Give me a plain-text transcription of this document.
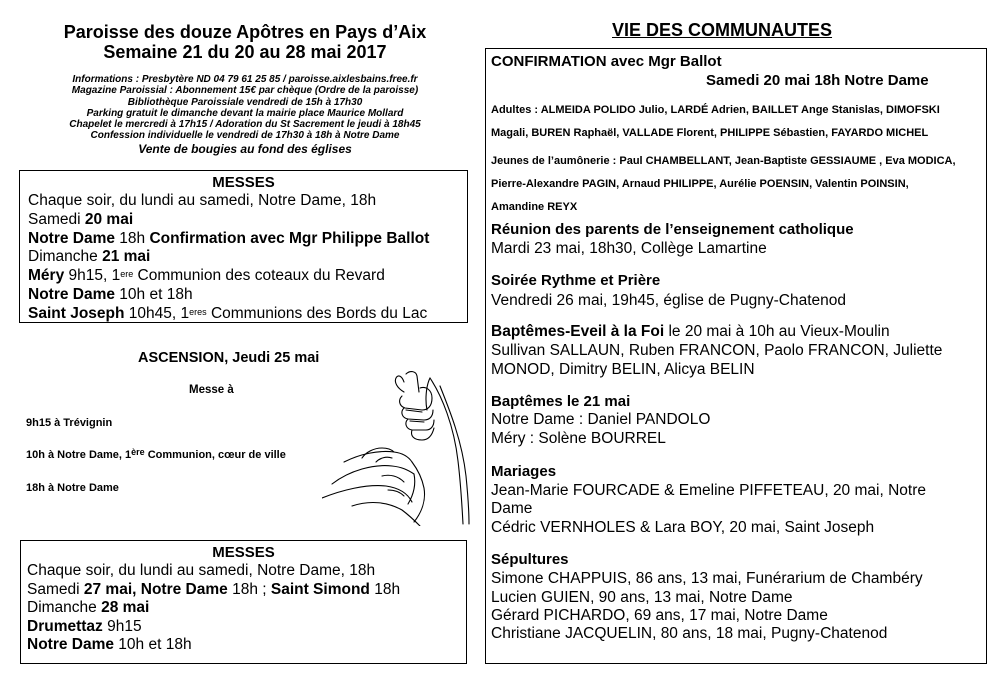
Paroisse des douze Apôtres en Pays d’Aix
Semaine 21 du 20 au 28 mai 2017
Informations : Presbytère ND 04 79 61 25 85 / paroisse.aixlesbains.free.fr
Magazine Paroissial : Abonnement 15€ par chèque (Ordre de la paroisse)
Bibliothèque Paroissiale vendredi de 15h à 17h30
Parking gratuit le dimanche devant la mairie place Maurice Mollard
Chapelet le mercredi à 17h15 / Adoration du St Sacrement le jeudi à 18h45
Confession individuelle le vendredi de 17h30 à 18h à Notre Dame
Vente de bougies au fond des églises
MESSES
Chaque soir, du lundi au samedi, Notre Dame, 18h
Samedi 20 mai
Notre Dame 18h Confirmation avec Mgr Philippe Ballot
Dimanche 21 mai
Méry 9h15, 1ere Communion des coteaux du Revard
Notre Dame 10h et 18h
Saint Joseph 10h45, $1^{eres}$ Communions des Bords du Lac
ASCENSION, Jeudi 25 mai
Messe à
9h15 à Trévignin
10h à Notre Dame, 1ère Communion, cœur de ville
18h à Notre Dame
MESSES
Chaque soir, du lundi au samedi, Notre Dame, 18h
Samedi 27 mai, Notre Dame 18h ; Saint Simond 18h
Dimanche 28 mai
Drumettaz 9h15
Notre Dame 10h et 18h
VIE DES COMMUNAUTES
CONFIRMATION avec Mgr Ballot
Samedi 20 mai 18h Notre Dame
Adultes : ALMEIDA POLIDO Julio, LARDÉ Adrien, BAILLET Ange Stanislas, DIMOFSKI
Magali, BUREN Raphaël, VALLADE Florent, PHILIPPE Sébastien, FAYARDO MICHEL
Jeunes de l’aumônerie : Paul CHAMBELLANT, Jean-Baptiste GESSIAUME , Eva MODICA,
Pierre-Alexandre PAGIN, Arnaud PHILIPPE, Aurélie POENSIN, Valentin POINSIN,
Amandine REYX
Réunion des parents de l’enseignement catholique
Mardi 23 mai, 18h30, Collège Lamartine
Soirée Rythme et Prière
Vendredi 26 mai, 19h45, église de Pugny-Chatenod
Baptêmes-Eveil à la Foi le 20 mai à 10h au Vieux-Moulin
Sullivan SALLAUN, Ruben FRANCON, Paolo FRANCON, Juliette
MONOD, Dimitry BELIN, Alicya BELIN
Baptêmes le 21 mai
Notre Dame : Daniel PANDOLO
Méry : Solène BOURREL
Mariages
Jean-Marie FOURCADE & Emeline PIFFETEAU, 20 mai, Notre
Dame
Cédric VERNHOLES & Lara BOY, 20 mai, Saint Joseph
Sépultures
Simone CHAPPUIS, 86 ans, 13 mai, Funérarium de Chambéry
Lucien GUIEN, 90 ans, 13 mai, Notre Dame
Gérard PICHARDO, 69 ans, 17 mai, Notre Dame
Christiane JACQUELIN, 80 ans, 18 mai, Pugny-Chatenod
